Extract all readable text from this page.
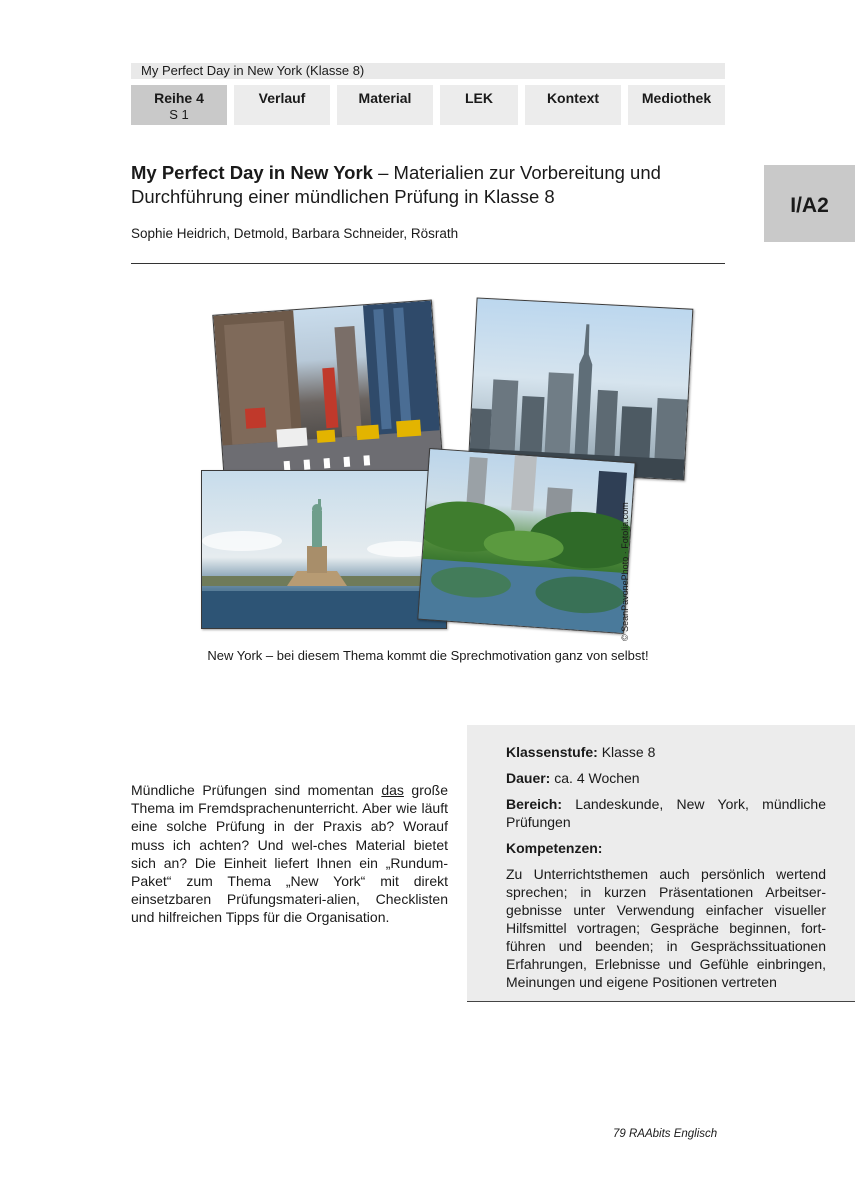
My Perfect Day in New York (Klasse 8)
Reihe 4
S 1
Verlauf	Material	LEK	Kontext	Mediothek
I/A2
My Perfect Day in New York – Materialien zur Vorbereitung und Durchführung einer mündlichen Prüfung in Klasse 8
Sophie Heidrich, Detmold, Barbara Schneider, Rösrath
© SeanPavonePhoto · Fotolia.com
New York – bei diesem Thema kommt die Sprechmotivation ganz von selbst!
Mündliche Prüfungen sind momentan das große Thema im Fremdsprachenunterricht. Aber wie läuft eine solche Prüfung in der Praxis ab? Worauf muss ich achten? Und wel-ches Material bietet sich an? Die Einheit liefert Ihnen ein „Rundum-Paket“ zum Thema „New York“ mit direkt einsetzbaren Prüfungsmateri-alien, Checklisten und hilfreichen Tipps für die Organisation.

Klassenstufe: Klasse 8

Dauer: ca. 4 Wochen

Bereich: Landeskunde, New York, mündliche Prüfungen

Kompetenzen:

Zu Unterrichtsthemen auch persönlich wertend sprechen; in kurzen Präsentationen Arbeitser-gebnisse unter Verwendung einfacher visueller Hilfsmittel vortragen; Gespräche beginnen, fort-führen und beenden; in Gesprächssituationen Erfahrungen, Erlebnisse und Gefühle einbringen, Meinungen und eigene Positionen vertreten

79 RAAbits Englisch
